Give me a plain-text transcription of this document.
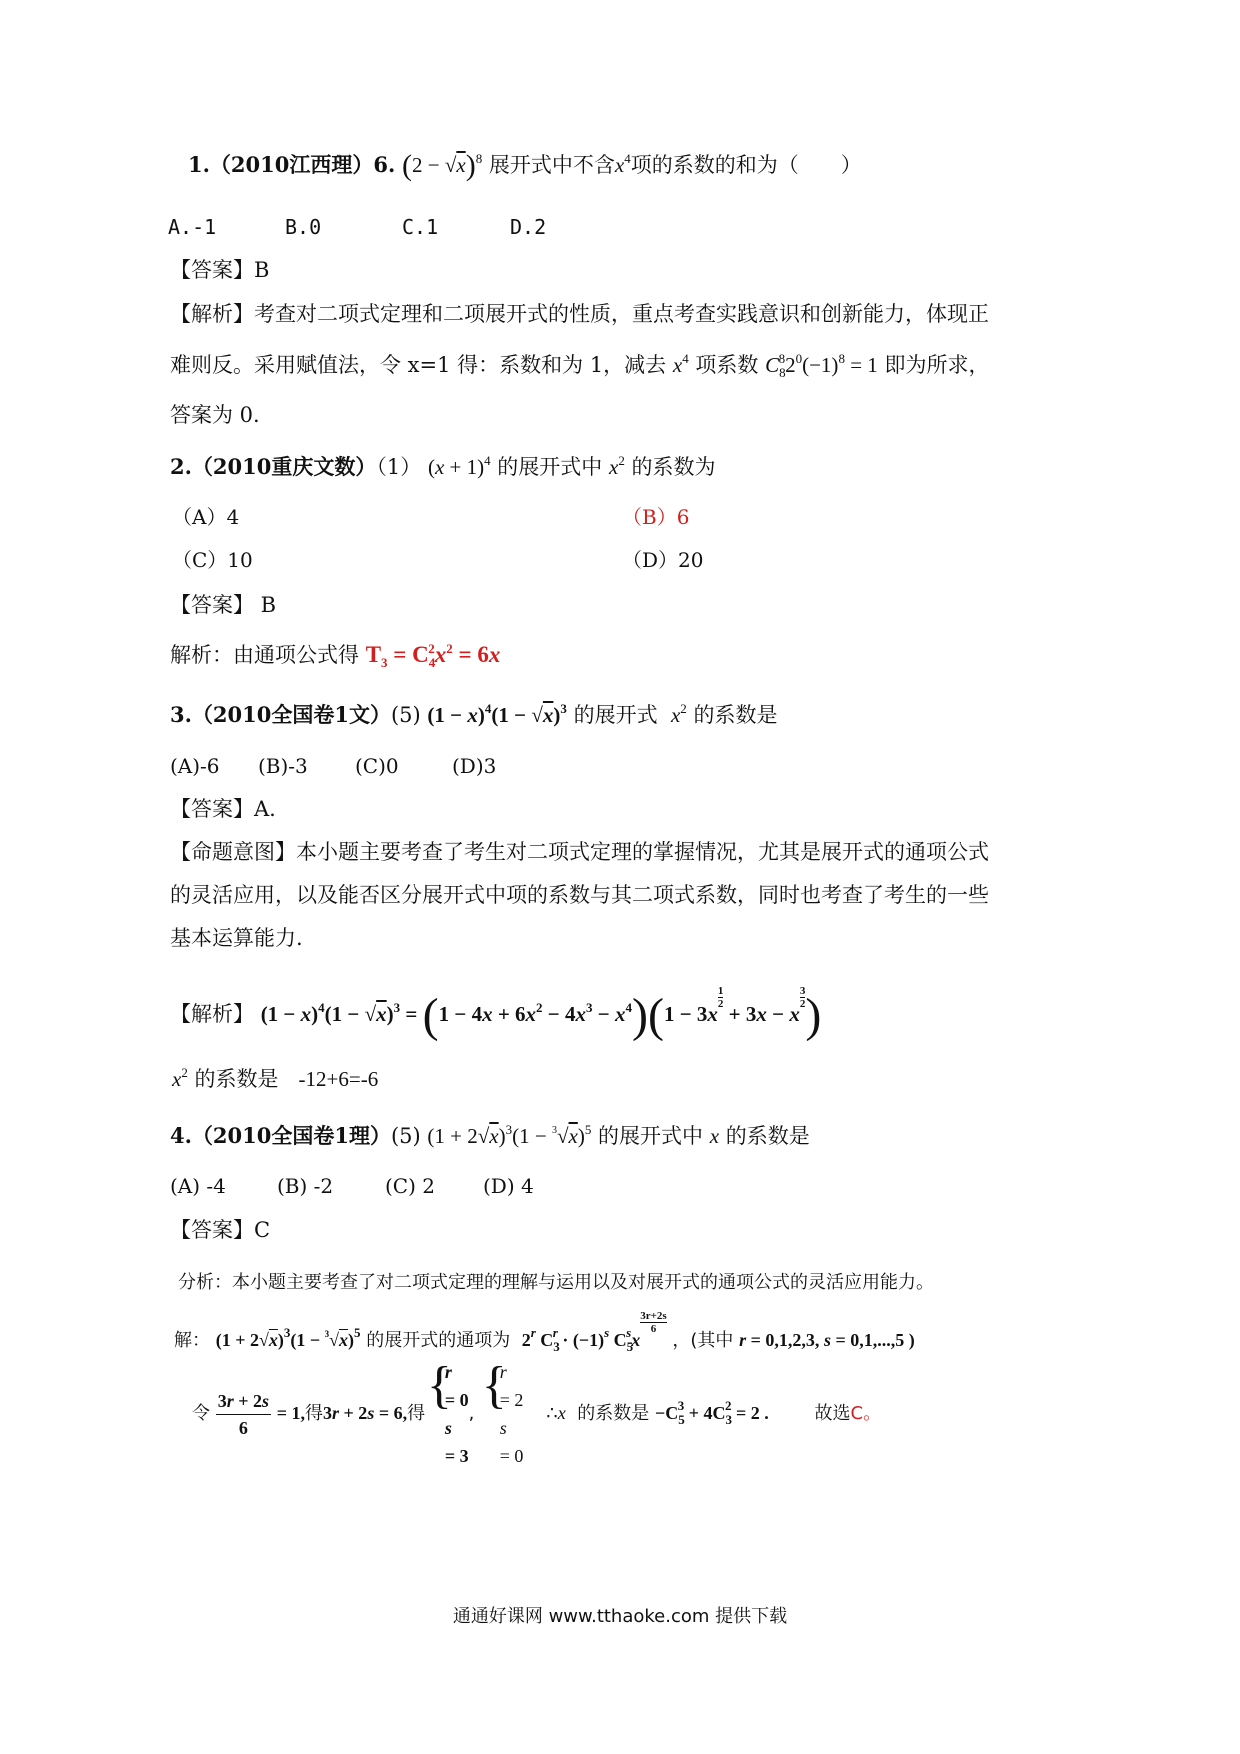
1.（2010江西理）6. $(2 - √x)^8$ 展开式中不含$x^4$项的系数的和为（　　）
A.-1	B.0	C.1	D.2
【答案】B
【解析】考查对二项式定理和二项展开式的性质，重点考查实践意识和创新能力，体现正
难则反。采用赋值法，令 x=1 得：系数和为 1，减去 $x^4$ 项系数 $C_8^82^0(-1)^8 = 1$ 即为所求，
答案为 0.
2.（2010重庆文数）（1） $(x + 1)^4$ 的展开式中 $x^2$ 的系数为
（A）4	（B）6
（C）10	（D）20
【答案】 B
解析：由通项公式得 $T_3 = C_4^2x^2 = 6x$
3.（2010全国卷1文）(5) $(1 - x)^4(1 - √x)^3$ 的展开式 $x^2$ 的系数是
(A)-6 (B)-3 (C)0	(D)3
【答案】A.
【命题意图】本小题主要考查了考生对二项式定理的掌握情况，尤其是展开式的通项公式
的灵活应用，以及能否区分展开式中项的系数与其二项式系数，同时也考查了考生的一些
基本运算能力.
【解析】 $(1 - x)^4(1 - √x)^3 = (1 - 4x + 6x^2 - 4x^3 - x^4)(1 - 3x$
$\frac{1}{2}$
+ 3x − x
$\frac{3}{2}$ )
$x^2$ 的系数是 -12+6=-6
4.（2010全国卷1理）(5) $(1 + 2√x)^3(1 - ^3√x)^5$ 的展开式中 x 的系数是
(A) -4	(B) -2	(C) 2 (D) 4
【答案】C
分析：本小题主要考查了对二项式定理的理解与运用以及对展开式的通项公式的灵活应用能力。
解： $(1 + 2√x)^3(1 - ^3√x)^5$ 的展开式的通项为 2$^r$ $C_3^r \cdot (-1)^s$ $C_5^sx$
$\frac{3r+2s}{6}$
，(其中 r = 0,1,2,3, s = 0,1,...,5 )
令 $\frac{3r + 2s}{6} = 1$,得3r + 2s = 6,得
{ r
= 0
s
= 3
,
{ r
= 2
s
= 0
∴x 的系数是 $-C_5^3 + 4C_3^2 = 2$ .	故选C。
通通好课网 www.tthaoke.com 提供下载
